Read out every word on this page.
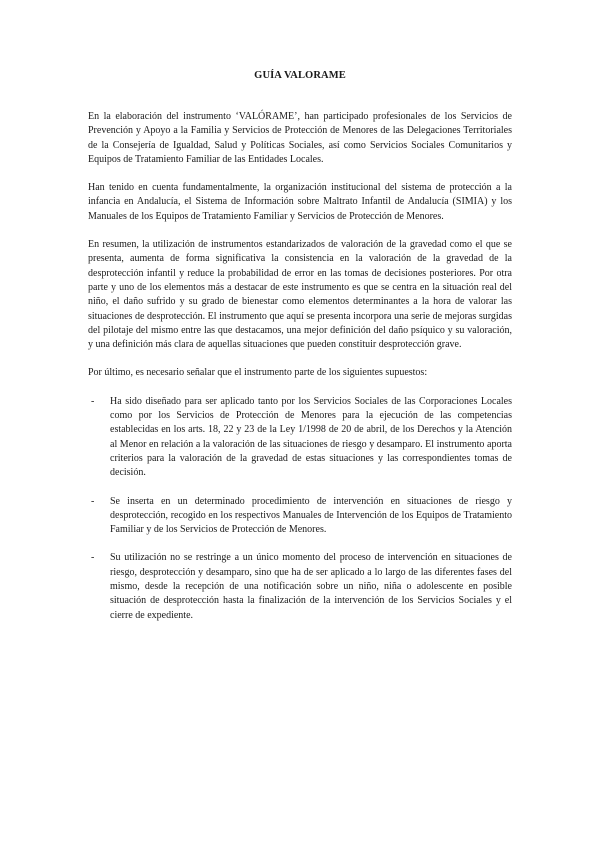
GUÍA VALORAME

En la elaboración del instrumento ‘VALÓRAME’, han participado profesionales de los Servicios de Prevención y Apoyo a la Familia y Servicios de Protección de Menores de las Delegaciones Territoriales de la Consejería de Igualdad, Salud y Políticas Sociales, así como Servicios Sociales Comunitarios y Equipos de Tratamiento Familiar de las Entidades Locales.

Han tenido en cuenta fundamentalmente, la organización institucional del sistema de protección a la infancia en Andalucía, el Sistema de Información sobre Maltrato Infantil de Andalucía (SIMIA) y los Manuales de los Equipos de Tratamiento Familiar y Servicios de Protección de Menores.

En resumen, la utilización de instrumentos estandarizados de valoración de la gravedad como el que se presenta, aumenta de forma significativa la consistencia en la valoración de la gravedad de la desprotección infantil y reduce la probabilidad de error en las tomas de decisiones posteriores. Por otra parte y uno de los elementos más a destacar de este instrumento es que se centra en la situación real del niño, el daño sufrido y su grado de bienestar como elementos determinantes a la hora de valorar las situaciones de desprotección. El instrumento que aquí se presenta incorpora una serie de mejoras surgidas del pilotaje del mismo entre las que destacamos, una mejor definición del daño psíquico y su valoración, y una definición más clara de aquellas situaciones que pueden constituir desprotección grave.

Por último, es necesario señalar que el instrumento parte de los siguientes supuestos:

- Ha sido diseñado para ser aplicado tanto por los Servicios Sociales de las Corporaciones Locales como por los Servicios de Protección de Menores para la ejecución de las competencias establecidas en los arts. 18, 22 y 23 de la Ley 1/1998 de 20 de abril, de los Derechos y la Atención al Menor en relación a la valoración de las situaciones de riesgo y desamparo. El instrumento aporta criterios para la valoración de la gravedad de estas situaciones y las correspondientes tomas de decisión.
- Se inserta en un determinado procedimiento de intervención en situaciones de riesgo y desprotección, recogido en los respectivos Manuales de Intervención de los Equipos de Tratamiento Familiar y de los Servicios de Protección de Menores.
- Su utilización no se restringe a un único momento del proceso de intervención en situaciones de riesgo, desprotección y desamparo, sino que ha de ser aplicado a lo largo de las diferentes fases del mismo, desde la recepción de una notificación sobre un niño, niña o adolescente en posible situación de desprotección hasta la finalización de la intervención de los Servicios Sociales y el cierre de expediente.
